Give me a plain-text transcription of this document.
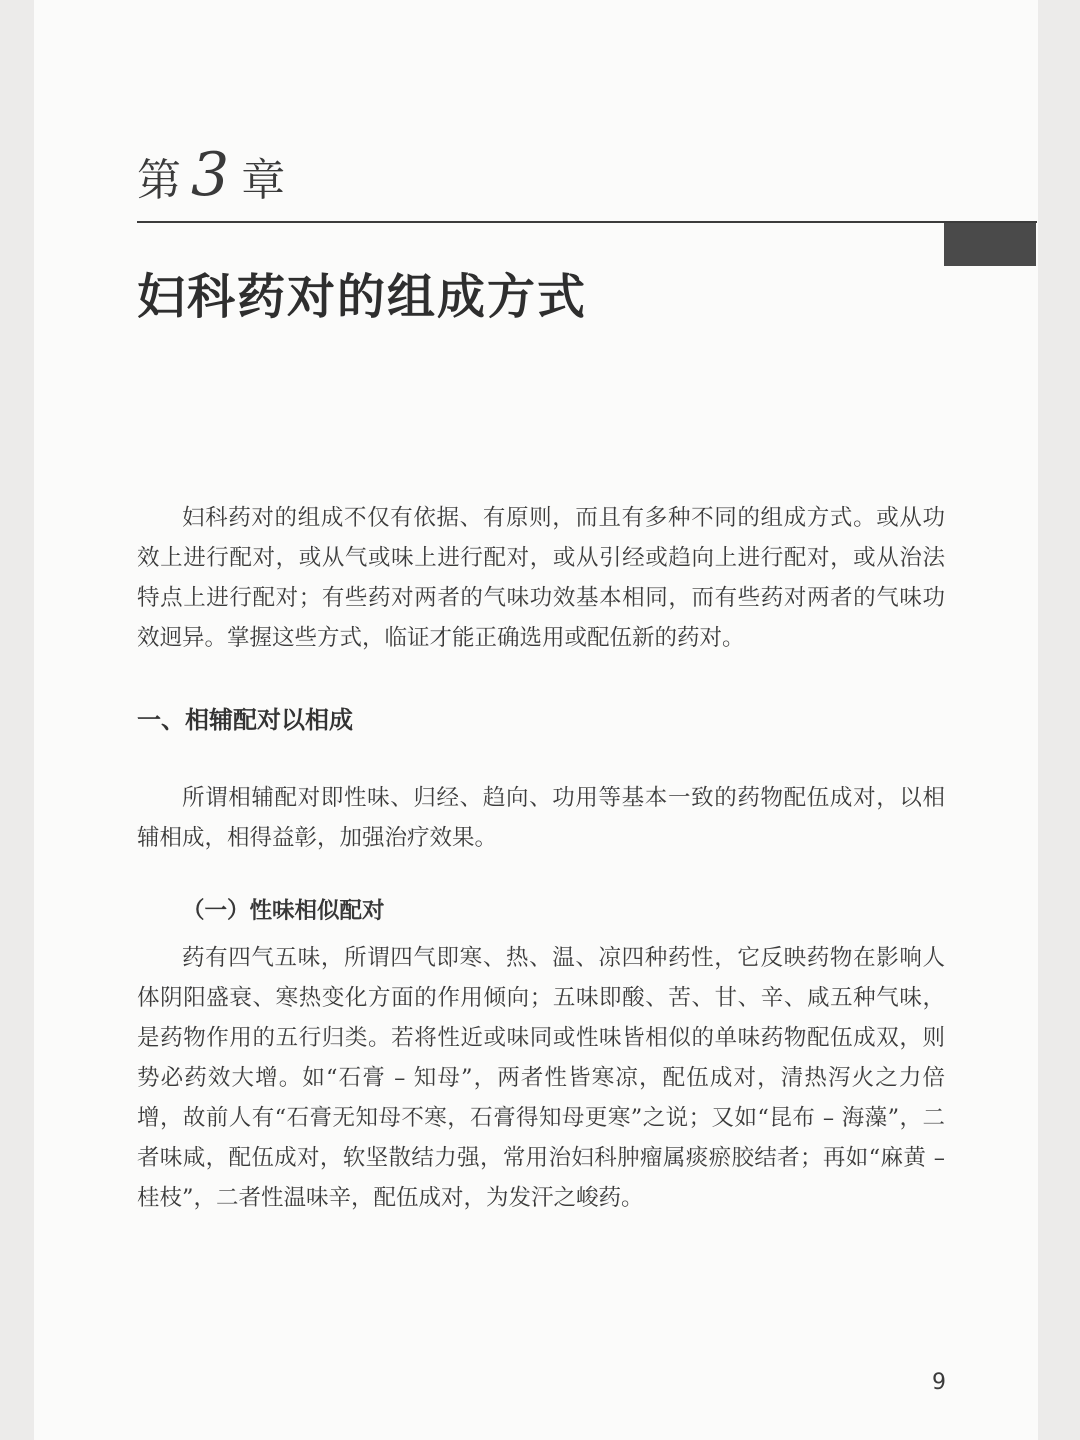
第 3 章
妇科药对的组成方式

妇科药对的组成不仅有依据、有原则，而且有多种不同的组成方式。或从功效上进行配对，或从气或味上进行配对，或从引经或趋向上进行配对，或从治法特点上进行配对；有些药对两者的气味功效基本相同，而有些药对两者的气味功效迥异。掌握这些方式，临证才能正确选用或配伍新的药对。

一、相辅配对以相成

所谓相辅配对即性味、归经、趋向、功用等基本一致的药物配伍成对，以相辅相成，相得益彰，加强治疗效果。

（一）性味相似配对

药有四气五味，所谓四气即寒、热、温、凉四种药性，它反映药物在影响人体阴阳盛衰、寒热变化方面的作用倾向；五味即酸、苦、甘、辛、咸五种气味，是药物作用的五行归类。若将性近或味同或性味皆相似的单味药物配伍成双，则势必药效大增。如“石膏 – 知母”，两者性皆寒凉，配伍成对，清热泻火之力倍增，故前人有“石膏无知母不寒，石膏得知母更寒”之说；又如“昆布 – 海藻”，二者味咸，配伍成对，软坚散结力强，常用治妇科肿瘤属痰瘀胶结者；再如“麻黄 – 桂枝”，二者性温味辛，配伍成对，为发汗之峻药。

9
